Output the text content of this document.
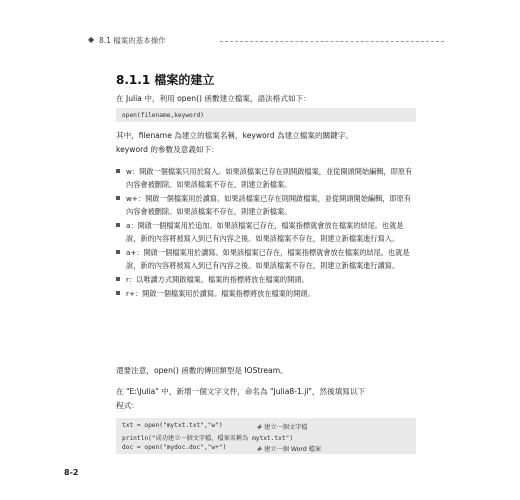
◆ 8.1 檔案的基本操作
8.1.1 檔案的建立
在 Julia 中，利用 open() 函數建立檔案，語法格式如下：
open(filename,keyword)
其中，filename 為建立的檔案名稱，keyword 為建立檔案的關鍵字。
keyword 的參數及意義如下：
w：開啟一個檔案只用於寫入。如果該檔案已存在則開啟檔案，並從開頭開始編輯，即原有內容會被刪除。如果該檔案不存在，則建立新檔案。
w+：開啟一個檔案用於讀寫。如果該檔案已存在則開啟檔案，並從開頭開始編輯，即原有內容會被刪除。如果該檔案不存在，則建立新檔案。
a：開啟一個檔案用於追加。如果該檔案已存在，檔案指標就會放在檔案的結尾。也就是說，新的內容將被寫入到已有內容之後。如果該檔案不存在，則建立新檔案進行寫入。
a+：開啟一個檔案用於讀寫。如果該檔案已存在，檔案指標就會放在檔案的結尾。也就是說，新的內容將被寫入到已有內容之後。如果該檔案不存在，則建立新檔案進行讀寫。
r：以唯讀方式開啟檔案。檔案的指標將放在檔案的開頭。
r+：開啟一個檔案用於讀寫。檔案指標將放在檔案的開頭。
還要注意，open() 函數的傳回類型是 IOStream。
在 "E:\Julia" 中，新增一個文字文件，命名為 "Julia8-1.jl"，然後填寫以下
程式：
txt = open("mytxt.txt","w")	# 建立一個文字檔
println("成功建立一個文字檔，檔案名稱為 mytxt.txt")
doc = open("mydoc.doc","w+")	# 建立一個 Word 檔案
8-2
